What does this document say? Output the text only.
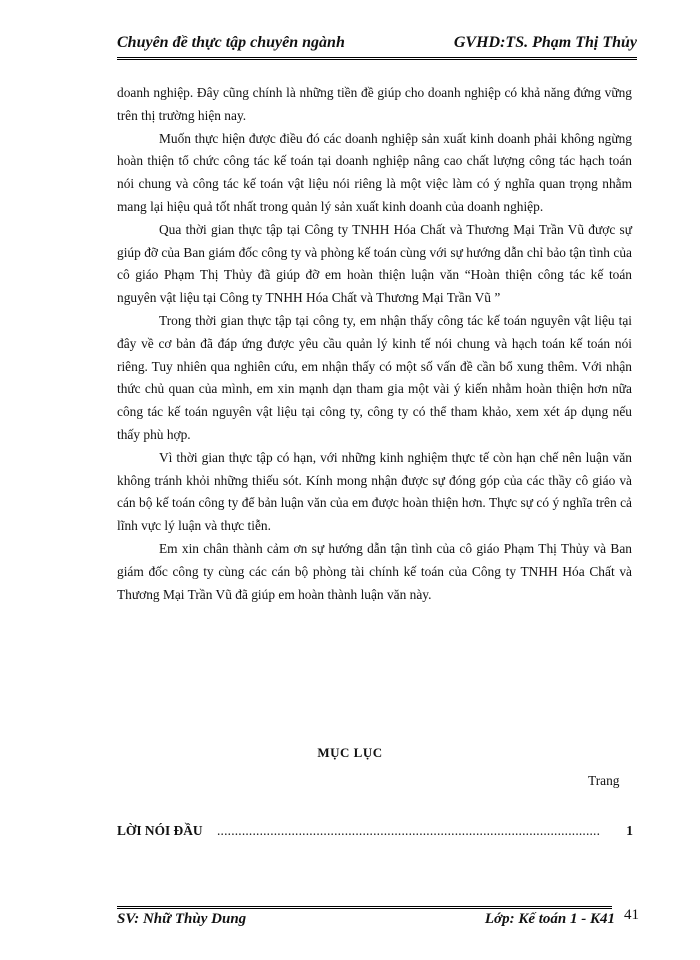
Chuyên đề thực tập chuyên ngành	GVHD:TS. Phạm Thị Thủy

doanh nghiệp. Đây cũng chính là những tiền đề giúp cho doanh nghiệp có khả năng đứng vững trên thị trường hiện nay.

Muốn thực hiện được điều đó các doanh nghiệp sản xuất kinh doanh phải không ngừng hoàn thiện tổ chức công tác kế toán tại doanh nghiệp nâng cao chất lượng công tác hạch toán nói chung và công tác kế toán vật liệu nói riêng là một việc làm có ý nghĩa quan trọng nhằm mang lại hiệu quả tốt nhất trong quản lý sản xuất kinh doanh của doanh nghiệp.

Qua thời gian thực tập tại Công ty TNHH Hóa Chất và Thương Mại Trần Vũ được sự giúp đỡ của Ban giám đốc công ty và phòng kế toán cùng với sự hướng dẫn chỉ bảo tận tình của cô giáo Phạm Thị Thủy đã giúp đỡ em hoàn thiện luận văn “Hoàn thiện công tác kế toán nguyên vật liệu tại Công ty TNHH Hóa Chất và Thương Mại Trần Vũ ”

Trong thời gian thực tập tại công ty, em nhận thấy công tác kế toán nguyên vật liệu tại đây về cơ bản đã đáp ứng được yêu cầu quản lý kinh tế nói chung và hạch toán kế toán nói riêng. Tuy nhiên qua nghiên cứu, em nhận thấy có một số vấn đề cần bổ xung thêm. Với nhận thức chủ quan của mình, em xin mạnh dạn tham gia một vài ý kiến nhằm hoàn thiện hơn nữa công tác kế toán nguyên vật liệu tại công ty, công ty có thể tham khảo, xem xét áp dụng nếu thấy phù hợp.

Vì thời gian thực tập có hạn, với những kinh nghiệm thực tế còn hạn chế nên luận văn không tránh khỏi những thiếu sót. Kính mong nhận được sự đóng góp của các thầy cô giáo và cán bộ kế toán công ty để bản luận văn của em được hoàn thiện hơn. Thực sự có ý nghĩa trên cả lĩnh vực lý luận và thực tiễn.

Em xin chân thành cảm ơn sự hướng dẫn tận tình của cô giáo Phạm Thị Thủy và Ban giám đốc công ty cùng các cán bộ phòng tài chính kế toán của Công ty TNHH Hóa Chất và Thương Mại Trần Vũ đã giúp em hoàn thành luận văn này.

MỤC LỤC
Trang
LỜI NÓI ĐẦU ............................................................................................................	1
SV: Nhữ Thùy Dung	Lớp: Kế toán 1 - K41 41
